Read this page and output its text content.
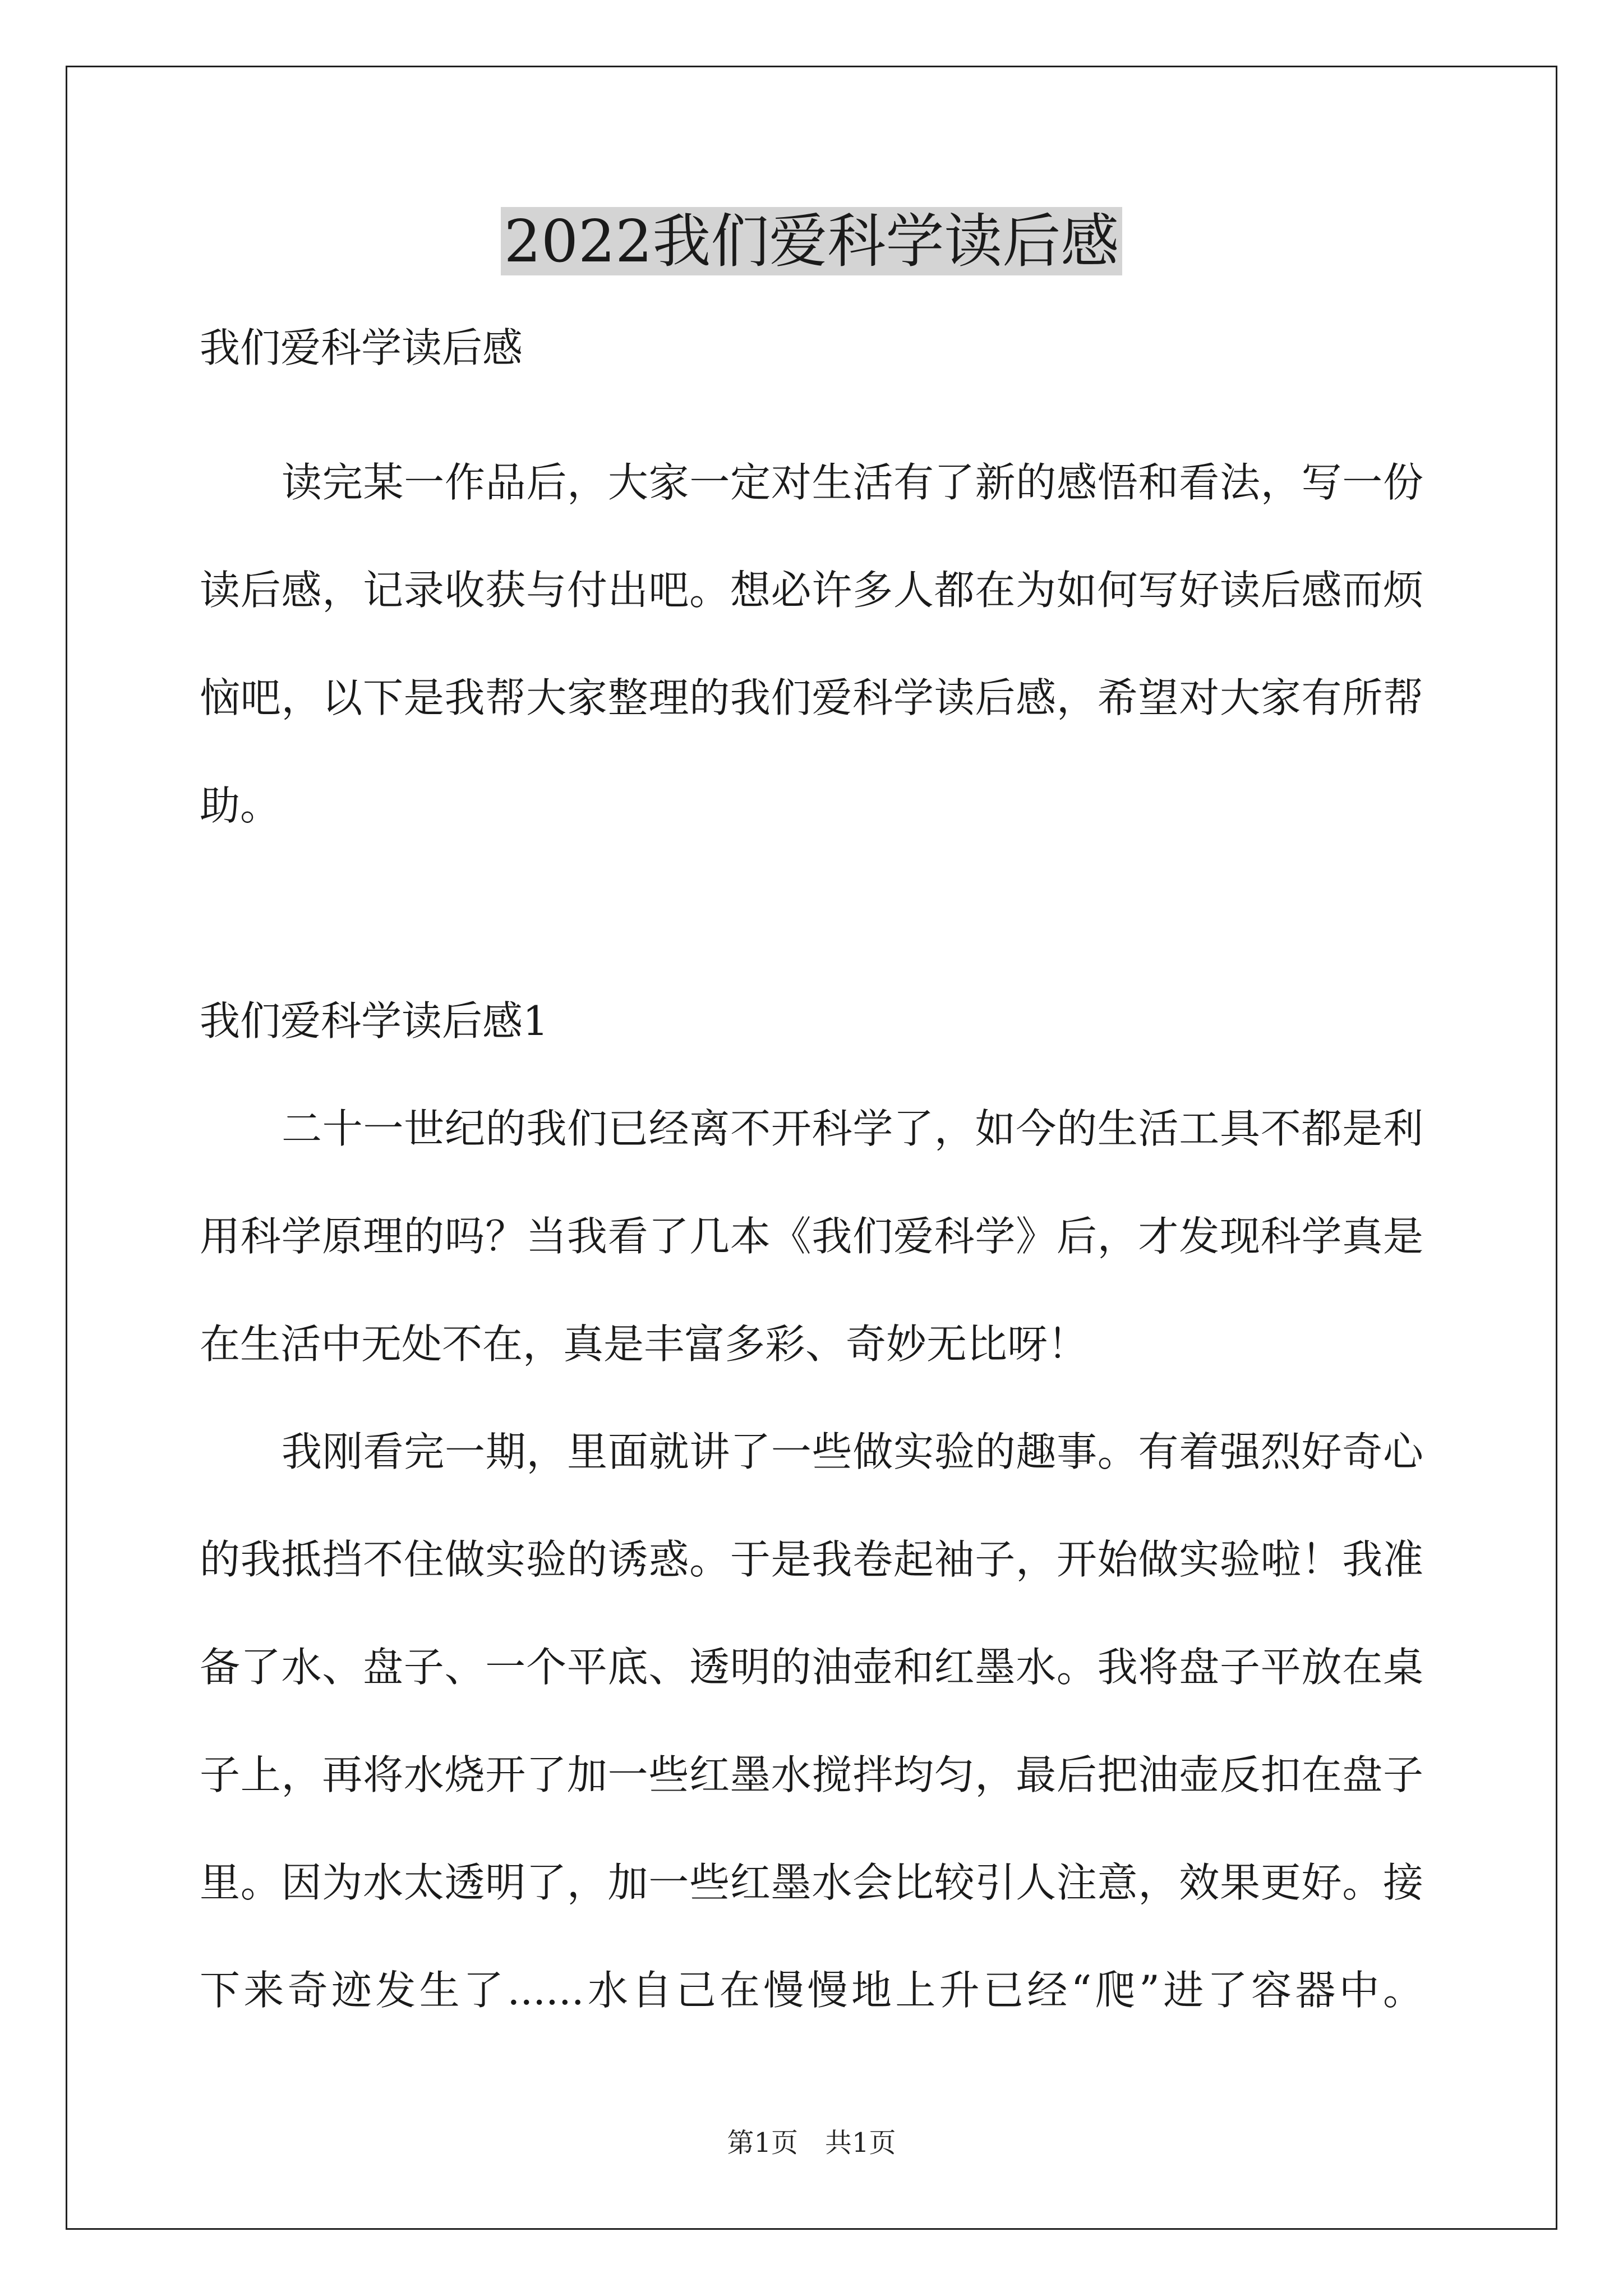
2022我们爱科学读后感
我们爱科学读后感
读完某一作品后，大家一定对生活有了新的感悟和看法，写一份
读后感，记录收获与付出吧。想必许多人都在为如何写好读后感而烦
恼吧，以下是我帮大家整理的我们爱科学读后感，希望对大家有所帮
助。
我们爱科学读后感1
二十一世纪的我们已经离不开科学了，如今的生活工具不都是利
用科学原理的吗？当我看了几本《我们爱科学》后，才发现科学真是
在生活中无处不在，真是丰富多彩、奇妙无比呀！
我刚看完一期，里面就讲了一些做实验的趣事。有着强烈好奇心
的我抵挡不住做实验的诱惑。于是我卷起袖子，开始做实验啦！我准
备了水、盘子、一个平底、透明的油壶和红墨水。我将盘子平放在桌
子上，再将水烧开了加一些红墨水搅拌均匀，最后把油壶反扣在盘子
里。因为水太透明了，加一些红墨水会比较引人注意，效果更好。接
下来奇迹发生了......水自己在慢慢地上升已经“爬”进了容器中。
第1页 共1页
